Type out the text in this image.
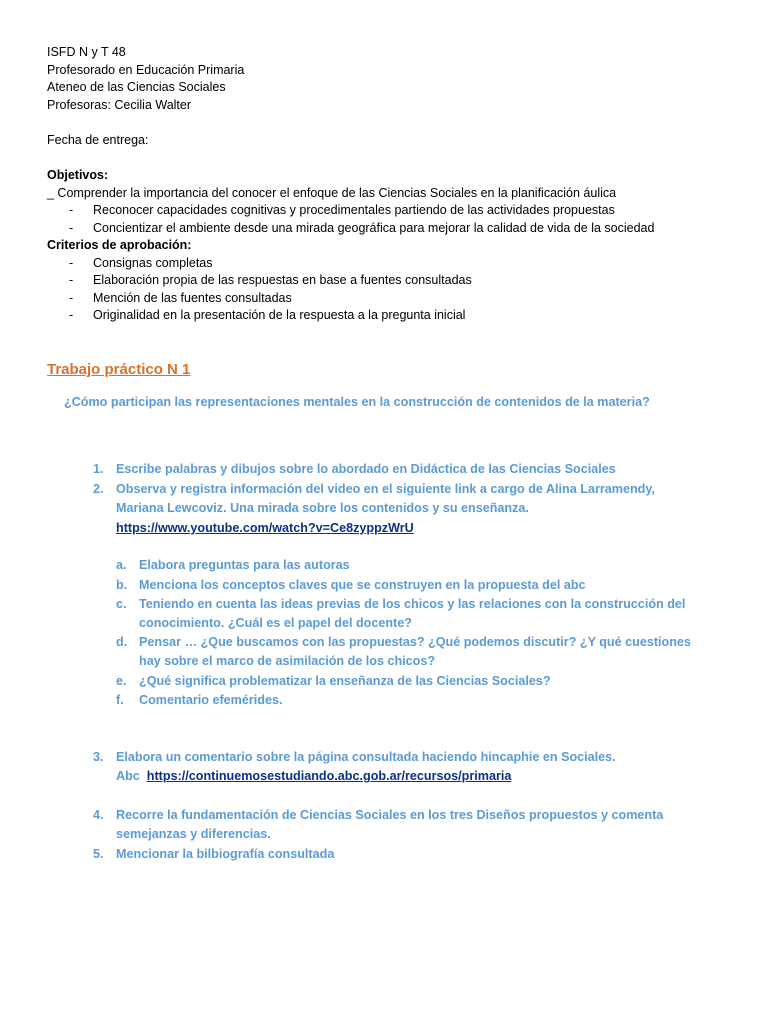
ISFD N y T 48
Profesorado en Educación Primaria
Ateneo de las Ciencias Sociales
Profesoras: Cecilia Walter
Fecha de entrega:
Objetivos:
_ Comprender la importancia del conocer el enfoque de las Ciencias Sociales en la planificación áulica
- Reconocer capacidades cognitivas y procedimentales partiendo de las actividades propuestas
- Concientizar el ambiente desde una mirada geográfica para mejorar la calidad de vida de la sociedad
Criterios de aprobación:
- Consignas completas
- Elaboración propia de las respuestas en base a fuentes consultadas
- Mención de las fuentes consultadas
- Originalidad en la presentación de la respuesta a la pregunta inicial
Trabajo práctico N 1
¿Cómo participan las representaciones mentales en la construcción de contenidos de la materia?
1. Escribe palabras y dibujos sobre lo abordado en Didáctica de las Ciencias Sociales
2. Observa y registra información del video en el siguiente link a cargo de Alina Larramendy,
Mariana Lewcoviz. Una mirada sobre los contenidos y su enseñanza.
https://www.youtube.com/watch?v=Ce8zyppzWrU
a. Elabora preguntas para las autoras
b. Menciona los conceptos claves que se construyen en la propuesta del abc
c. Teniendo en cuenta las ideas previas de los chicos y las relaciones con la construcción del
conocimiento. ¿Cuál es el papel del docente?
d. Pensar … ¿Que buscamos con las propuestas? ¿Qué podemos discutir? ¿Y qué cuestiones
hay sobre el marco de asimilación de los chicos?
e. ¿Qué significa problematizar la enseñanza de las Ciencias Sociales?
f. Comentario efemérides.
3. Elabora un comentario sobre la página consultada haciendo hincaphie en Sociales.
Abc https://continuemosestudiando.abc.gob.ar/recursos/primaria
4. Recorre la fundamentación de Ciencias Sociales en los tres Diseños propuestos y comenta
semejanzas y diferencias.
5. Mencionar la bilbiografía consultada
